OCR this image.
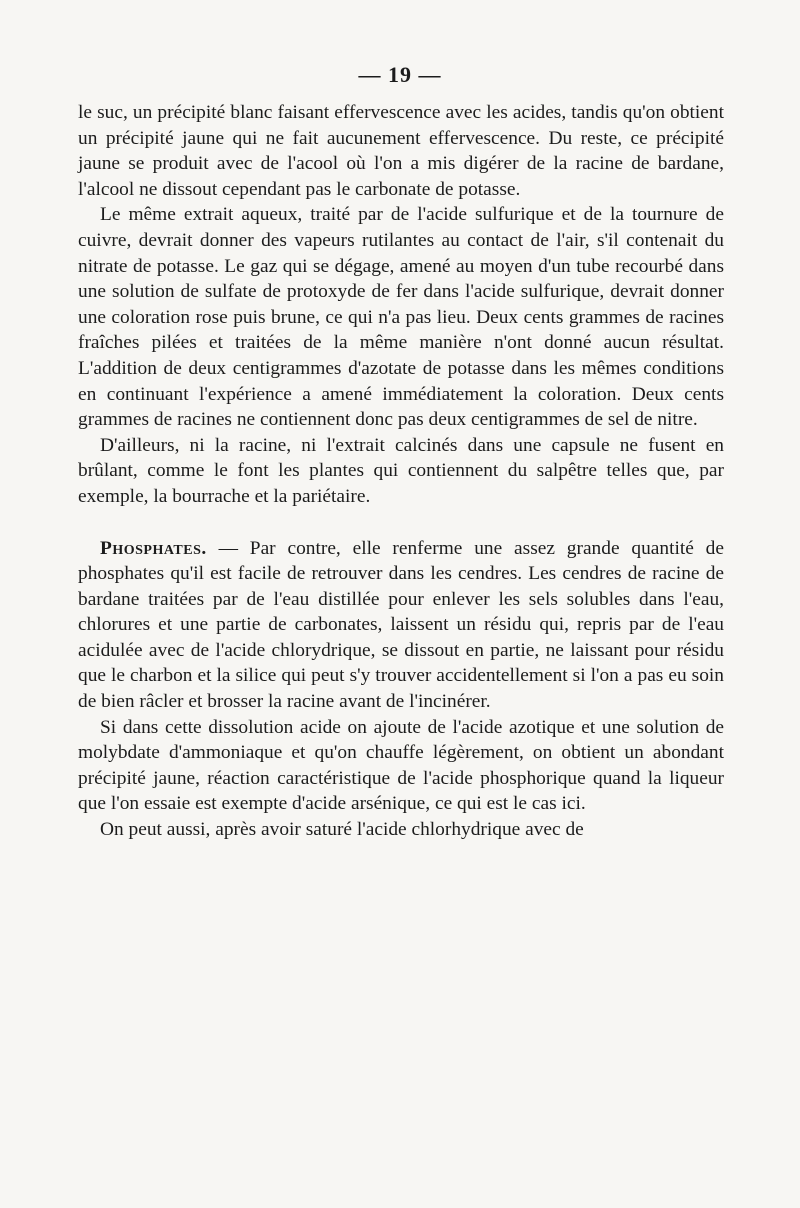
— 19 —

le suc, un précipité blanc faisant effervescence avec les acides, tandis qu'on obtient un précipité jaune qui ne fait aucunement effervescence. Du reste, ce précipité jaune se produit avec de l'acool où l'on a mis digérer de la racine de bardane, l'alcool ne dissout cependant pas le carbonate de potasse.

Le même extrait aqueux, traité par de l'acide sulfurique et de la tournure de cuivre, devrait donner des vapeurs rutilantes au contact de l'air, s'il contenait du nitrate de potasse. Le gaz qui se dégage, amené au moyen d'un tube recourbé dans une solution de sulfate de protoxyde de fer dans l'acide sulfurique, devrait donner une coloration rose puis brune, ce qui n'a pas lieu. Deux cents grammes de racines fraîches pilées et traitées de la même manière n'ont donné aucun résultat. L'addition de deux centigrammes d'azotate de potasse dans les mêmes conditions en continuant l'expérience a amené immédiatement la coloration. Deux cents grammes de racines ne contiennent donc pas deux centigrammes de sel de nitre.

D'ailleurs, ni la racine, ni l'extrait calcinés dans une capsule ne fusent en brûlant, comme le font les plantes qui contiennent du salpêtre telles que, par exemple, la bourrache et la pariétaire.

Phosphates. — Par contre, elle renferme une assez grande quantité de phosphates qu'il est facile de retrouver dans les cendres. Les cendres de racine de bardane traitées par de l'eau distillée pour enlever les sels solubles dans l'eau, chlorures et une partie de carbonates, laissent un résidu qui, repris par de l'eau acidulée avec de l'acide chlorydrique, se dissout en partie, ne laissant pour résidu que le charbon et la silice qui peut s'y trouver accidentellement si l'on a pas eu soin de bien râcler et brosser la racine avant de l'incinérer.

Si dans cette dissolution acide on ajoute de l'acide azotique et une solution de molybdate d'ammoniaque et qu'on chauffe légèrement, on obtient un abondant précipité jaune, réaction caractéristique de l'acide phosphorique quand la liqueur que l'on essaie est exempte d'acide arsénique, ce qui est le cas ici.

On peut aussi, après avoir saturé l'acide chlorhydrique avec de
